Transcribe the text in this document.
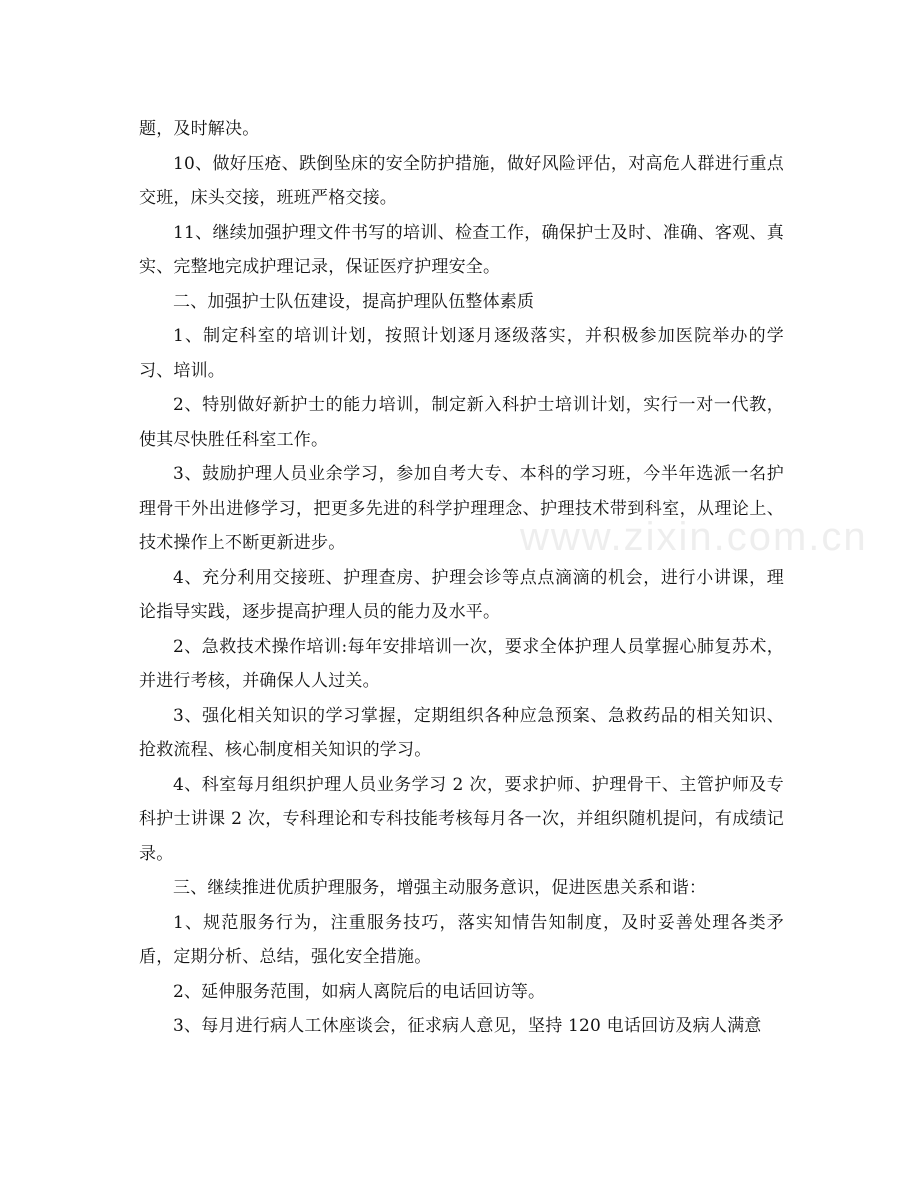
题，及时解决。

10、做好压疮、跌倒坠床的安全防护措施，做好风险评估，对高危人群进行重点交班，床头交接，班班严格交接。

11、继续加强护理文件书写的培训、检查工作，确保护士及时、准确、客观、真实、完整地完成护理记录，保证医疗护理安全。

二、加强护士队伍建设，提高护理队伍整体素质

1、制定科室的培训计划，按照计划逐月逐级落实，并积极参加医院举办的学习、培训。

2、特别做好新护士的能力培训，制定新入科护士培训计划，实行一对一代教，使其尽快胜任科室工作。

3、鼓励护理人员业余学习，参加自考大专、本科的学习班，今半年选派一名护理骨干外出进修学习，把更多先进的科学护理理念、护理技术带到科室，从理论上、技术操作上不断更新进步。

4、充分利用交接班、护理查房、护理会诊等点点滴滴的机会，进行小讲课，理论指导实践，逐步提高护理人员的能力及水平。

2、急救技术操作培训:每年安排培训一次，要求全体护理人员掌握心肺复苏术，并进行考核，并确保人人过关。

3、强化相关知识的学习掌握，定期组织各种应急预案、急救药品的相关知识、抢救流程、核心制度相关知识的学习。

4、科室每月组织护理人员业务学习 2 次，要求护师、护理骨干、主管护师及专科护士讲课 2 次，专科理论和专科技能考核每月各一次，并组织随机提问，有成绩记录。

三、继续推进优质护理服务，增强主动服务意识，促进医患关系和谐：

1、规范服务行为，注重服务技巧，落实知情告知制度，及时妥善处理各类矛盾，定期分析、总结，强化安全措施。

2、延伸服务范围，如病人离院后的电话回访等。

3、每月进行病人工休座谈会，征求病人意见，坚持 120 电话回访及病人满意

www.zixin.com.cn
